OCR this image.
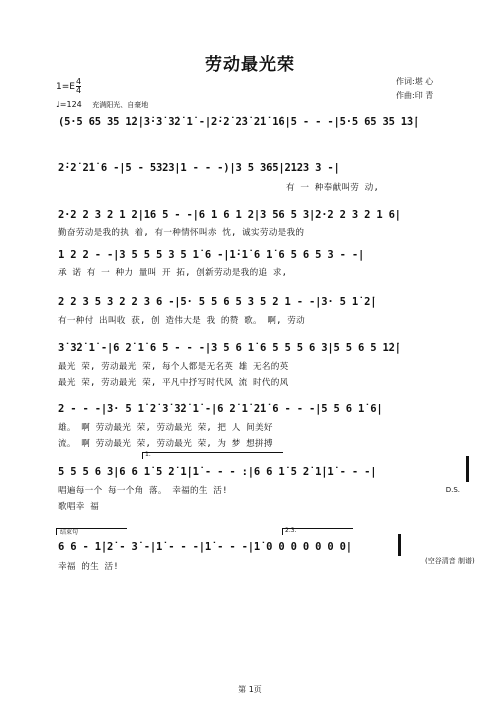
劳动最光荣
作词:堪 心
作曲:印 青
$1=E \frac{4}{4}$
♩=124 充满阳光、自豪地
(5·5 65 35 1̇2̇|3̇·3̇ 3̇2̇ 1̇ -|2̇·2̇ 2̇3̇ 2̇1̇ 1̇6|5 - - -|5·5 65 35 1̇3̇|
2̇·2̇ 2̇1̇ 6 -|5 - 5323|1 - - -)|3 5 365|2123 3 -|
有 一 种奉献叫劳 动,
2·2 2 3 2 1 2|16 5 - -|6 1 6 1 2|3 56 5 3|2·2 2 3 2 1 6|
勤奋劳动是我的执 着, 有一种情怀叫赤 忱, 诚实劳动是我的
1 2 2 - -|3 5 5 5 3 5 1̇ 6 -|1̇·1̇ 6 1̇ 6 5 6 5 3 - -|
承 诺 有 一 种力 量叫 开 拓, 创新劳动是我的追 求,
2 2 3 5 3 2 2 3 6 -|5· 5 5 6 5 3 5 2 1 - -|3· 5 1̇ 2̇|
有一种付 出叫收 获, 创 造伟大是 我 的赞 歌。 啊, 劳动
3̇ 3̇2̇ 1̇ -|6 2̇ 1̇ 6 5 - - -|3 5 6 1̇ 6 5 5 5 6 3|5 5 6 5 1̇2̇|
最光 荣, 劳动最光 荣, 每个人都是无名英 雄 无名的英
最光 荣, 劳动最光 荣, 平凡中抒写时代风 流 时代的风
2 - - -|3· 5 1̇ 2̇ 3̇ 3̇2̇ 1̇ -|6 2̇ 1̇ 2̇1̇ 6 - - -|5 5 6 1̇ 6|
雄。 啊 劳动最光 荣, 劳动最光 荣, 把 人 间美好
流。 啊 劳动最光 荣, 劳动最光 荣, 为 梦 想拼搏
1.
5 5 5 6 3|6 6 1̇ 5 2̇ 1̇|1̇ - - - :|6 6 1̇ 5 2̇ 1̇|1̇ - - -|
唱遍每一个 每一个角 落。 幸福的生 活!
歌唱幸 福
D.S.
结束句	2.3.
6 6 - 1̇|2̇ - 3̇ -|1̇ - - -|1̇ - - -|1̇ 0 0 0 0 0 0 0|
幸福 的生 活!
(空谷清音 制谱)
第 1页
